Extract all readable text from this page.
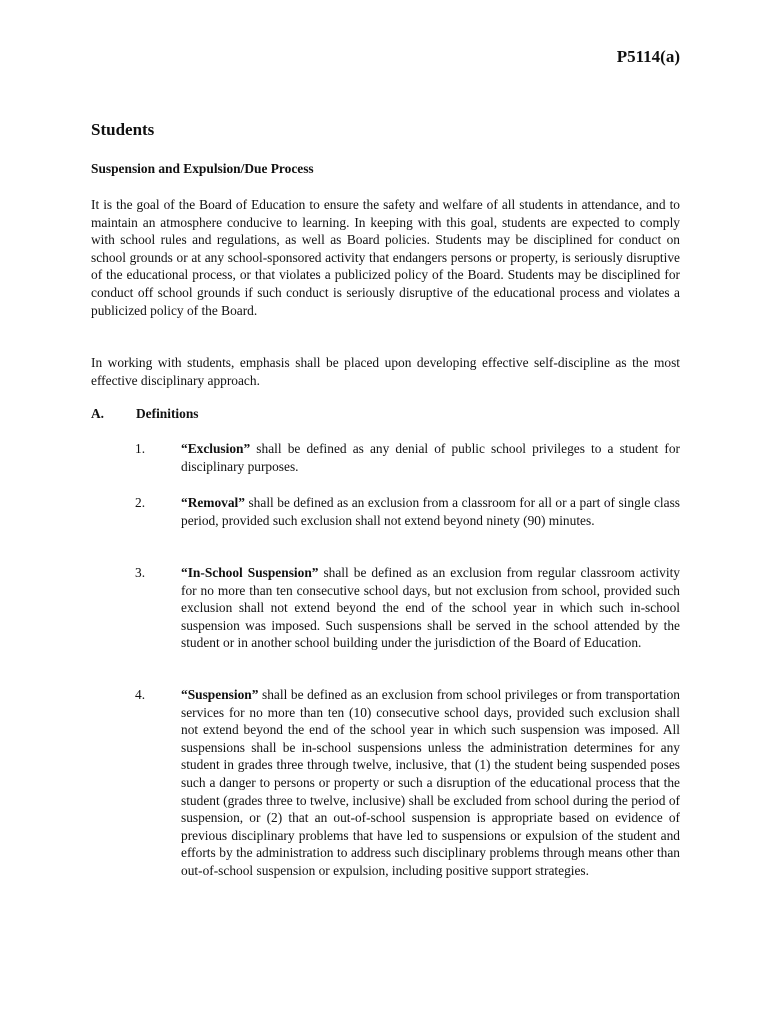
P5114(a)
Students
Suspension and Expulsion/Due Process

It is the goal of the Board of Education to ensure the safety and welfare of all students in attendance, and to maintain an atmosphere conducive to learning. In keeping with this goal, students are expected to comply with school rules and regulations, as well as Board policies. Students may be disciplined for conduct on school grounds or at any school-sponsored activity that endangers persons or property, is seriously disruptive of the educational process, or that violates a publicized policy of the Board. Students may be disciplined for conduct off school grounds if such conduct is seriously disruptive of the educational process and violates a publicized policy of the Board.

In working with students, emphasis shall be placed upon developing effective self-discipline as the most effective disciplinary approach.

A. Definitions
1.	“Exclusion” shall be defined as any denial of public school privileges to a student for disciplinary purposes.

2.	“Removal” shall be defined as an exclusion from a classroom for all or a part of single class period, provided such exclusion shall not extend beyond ninety (90) minutes.

3.	“In-School Suspension” shall be defined as an exclusion from regular classroom activity for no more than ten consecutive school days, but not exclusion from school, provided such exclusion shall not extend beyond the end of the school year in which such in-school suspension was imposed. Such suspensions shall be served in the school attended by the student or in another school building under the jurisdiction of the Board of Education.

4.	“Suspension” shall be defined as an exclusion from school privileges or from transportation services for no more than ten (10) consecutive school days, provided such exclusion shall not extend beyond the end of the school year in which such suspension was imposed. All suspensions shall be in-school suspensions unless the administration determines for any student in grades three through twelve, inclusive, that (1) the student being suspended poses such a danger to persons or property or such a disruption of the educational process that the student (grades three to twelve, inclusive) shall be excluded from school during the period of suspension, or (2) that an out-of-school suspension is appropriate based on evidence of previous disciplinary problems that have led to suspensions or expulsion of the student and efforts by the administration to address such disciplinary problems through means other than out-of-school suspension or expulsion, including positive support strategies.
